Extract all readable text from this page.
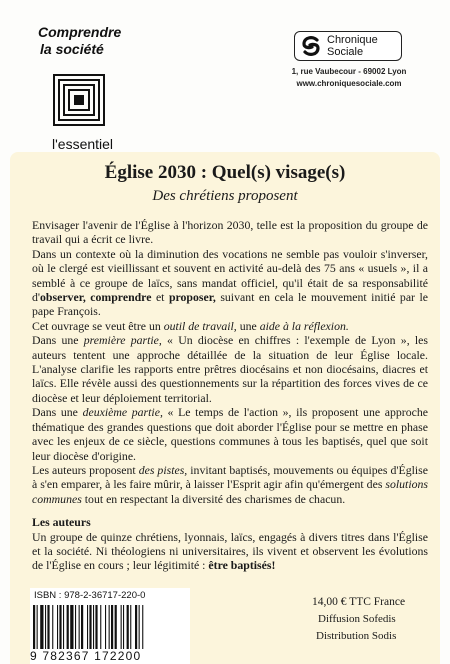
Comprendre
la société
l'essentiel
Chronique
Sociale
1, rue Vaubecour - 69002 Lyon
www.chroniquesociale.com
Église 2030 : Quel(s) visage(s)
Des chrétiens proposent

Envisager l'avenir de l'Église à l'horizon 2030, telle est la proposition du groupe de travail qui a écrit ce livre.

Dans un contexte où la diminution des vocations ne semble pas vouloir s'inverser, où le clergé est vieillissant et souvent en activité au-delà des 75 ans « usuels », il a semblé à ce groupe de laïcs, sans mandat officiel, qu'il était de sa responsabilité d'observer, comprendre et proposer, suivant en cela le mouvement initié par le pape François.

Cet ouvrage se veut être un outil de travail, une aide à la réflexion.

Dans une première partie, « Un diocèse en chiffres : l'exemple de Lyon », les auteurs tentent une approche détaillée de la situation de leur Église locale. L'analyse clarifie les rapports entre prêtres diocésains et non diocésains, diacres et laïcs. Elle révèle aussi des questionnements sur la répartition des forces vives de ce diocèse et leur déploiement territorial.

Dans une deuxième partie, « Le temps de l'action », ils proposent une approche thématique des grandes questions que doit aborder l'Église pour se mettre en phase avec les enjeux de ce siècle, questions communes à tous les baptisés, quel que soit leur diocèse d'origine.

Les auteurs proposent des pistes, invitant baptisés, mouvements ou équipes d'Église à s'en emparer, à les faire mûrir, à laisser l'Esprit agir afin qu'émergent des solutions communes tout en respectant la diversité des charismes de chacun.

Les auteurs

Un groupe de quinze chrétiens, lyonnais, laïcs, engagés à divers titres dans l'Église et la société. Ni théologiens ni universitaires, ils vivent et observent les évolutions de l'Église en cours ; leur légitimité : être baptisés!

ISBN : 978-2-36717-220-0
9 782367 172200
14,00 € TTC France
Diffusion Sofedis
Distribution Sodis
